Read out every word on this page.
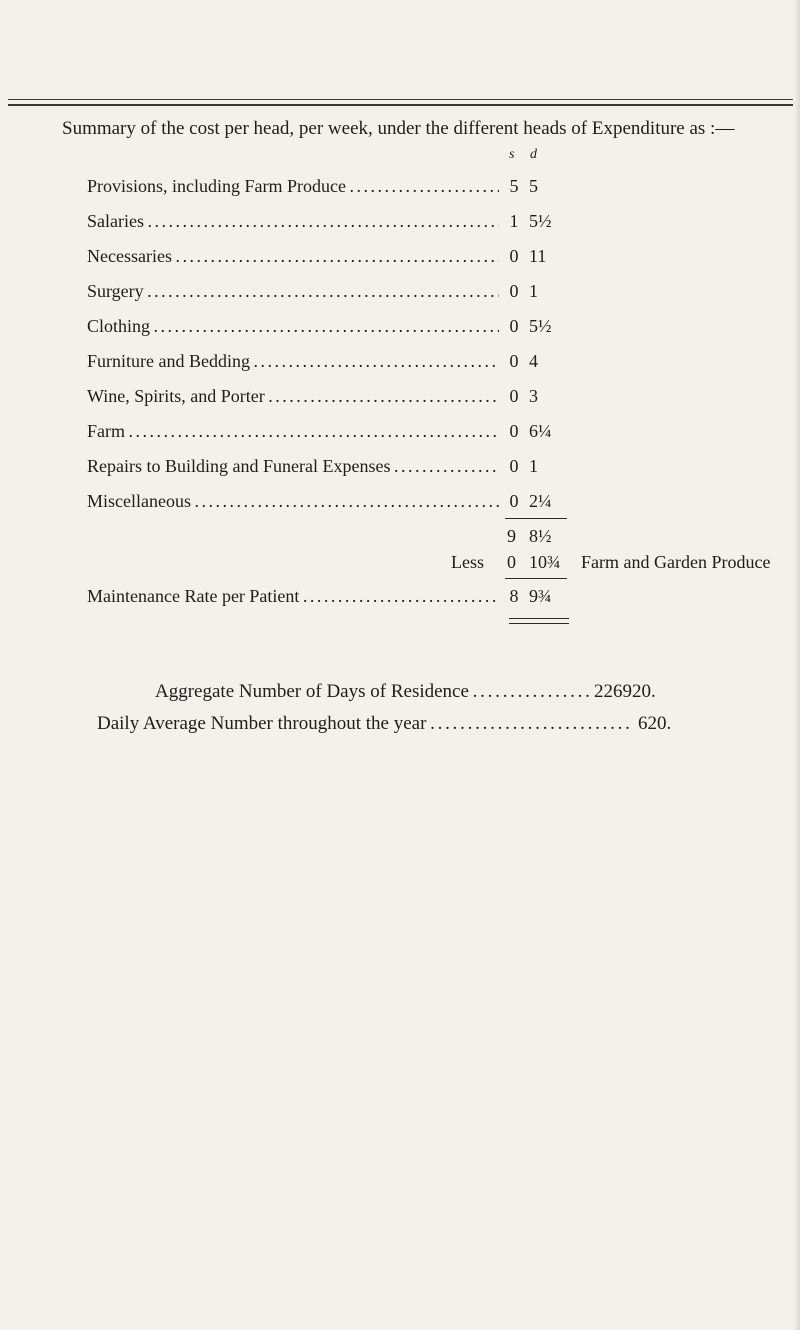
Summary of the cost per head, per week, under the different heads of Expenditure as :—
s d
Provisions, including Farm Produce . . .	5 5
Salaries . . .	1 5½
Necessaries . . .	0 11
Surgery . . .	0 1
Clothing . . .	0 5½
Furniture and Bedding . . .	0 4
Wine, Spirits, and Porter . . .	0 3
Farm . . .	0 6¼
Repairs to Building and Funeral Expenses . . .	0 1
Miscellaneous . . .	0 2¼
9 8½
Less 0 10¾ Farm and Garden Produce
Maintenance Rate per Patient . . .	8 9¾
Aggregate Number of Days of Residence . . .	226920.
Daily Average Number throughout the year . . .	620.
